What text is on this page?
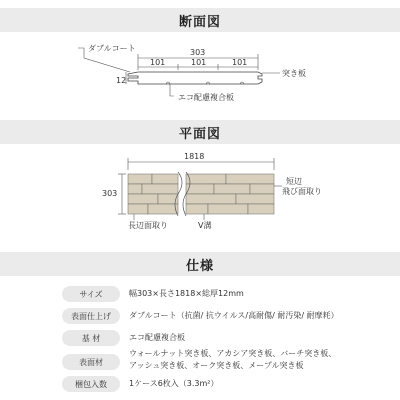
断面図
ダブルコート	303
101	101	101
12
突き板
エコ配慮複合板
平面図
1818
303
短辺
飛び面取り
長辺面取り	V溝
仕様
サイズ	幅303×長さ1818×総厚12mm
表面仕上げ	ダブルコート（抗菌/ 抗ウイルス/高耐傷/ 耐汚染/ 耐摩耗）
基 材	エコ配慮複合板
表面材
ウォールナット突き板、アカシア突き板、バーチ突き板、
アッシュ突き板、オーク突き板、メープル突き板
梱包入数	1ケース6枚入（3.3m²）
